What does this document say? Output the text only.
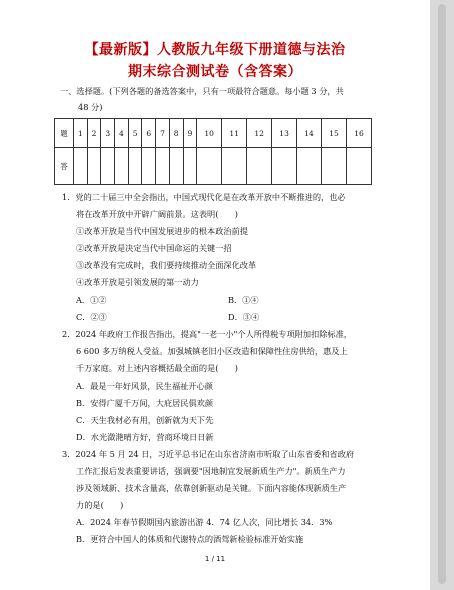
【最新版】人教版九年级下册道德与法治
期末综合测试卷（含答案）
一、选择题。(下列各题的备选答案中，只有一项最符合题意。每小题 3 分，共
48 分)
题	1	2	3	4	5	6	7	8	9	10	11	12	13	14	15	16
答																
1．党的二十届三中全会指出，中国式现代化是在改革开放中不断推进的，也必
将在改革开放中开辟广阔前景。这表明(　　)
①改革开放是当代中国发展进步的根本政治前提
②改革开放是决定当代中国命运的关键一招
③改革没有完成时，我们要持续推动全面深化改革
④改革开放是引领发展的第一动力
A．①②	B．①④
C．②③	D．③④
2．2024 年政府工作报告指出，提高"一老一小"个人所得税专项附加扣除标准，
6 600 多万纳税人受益。加强城镇老旧小区改造和保障性住房供给，惠及上
千万家庭。对上述内容概括最全面的是(　　)
A．最是一年好风景，民生福祉开心颜
B．安得广厦千万间，大庇居民俱欢颜
C．天生我材必有用，创新就为天下先
D．水光潋滟晴方好，营商环境日日新
3．2024 年 5 月 24 日，习近平总书记在山东省济南市听取了山东省委和省政府
工作汇报后发表重要讲话，强调要"因地制宜发展新质生产力"。新质生产力
涉及领域新、技术含量高，依靠创新驱动是关键。下面内容能体现新质生产
力的是(　　)
A．2024 年春节假期国内旅游出游 4．74 亿人次，同比增长 34．3%
B．更符合中国人的体质和代谢特点的酒驾新检验标准开始实施
1 / 11
